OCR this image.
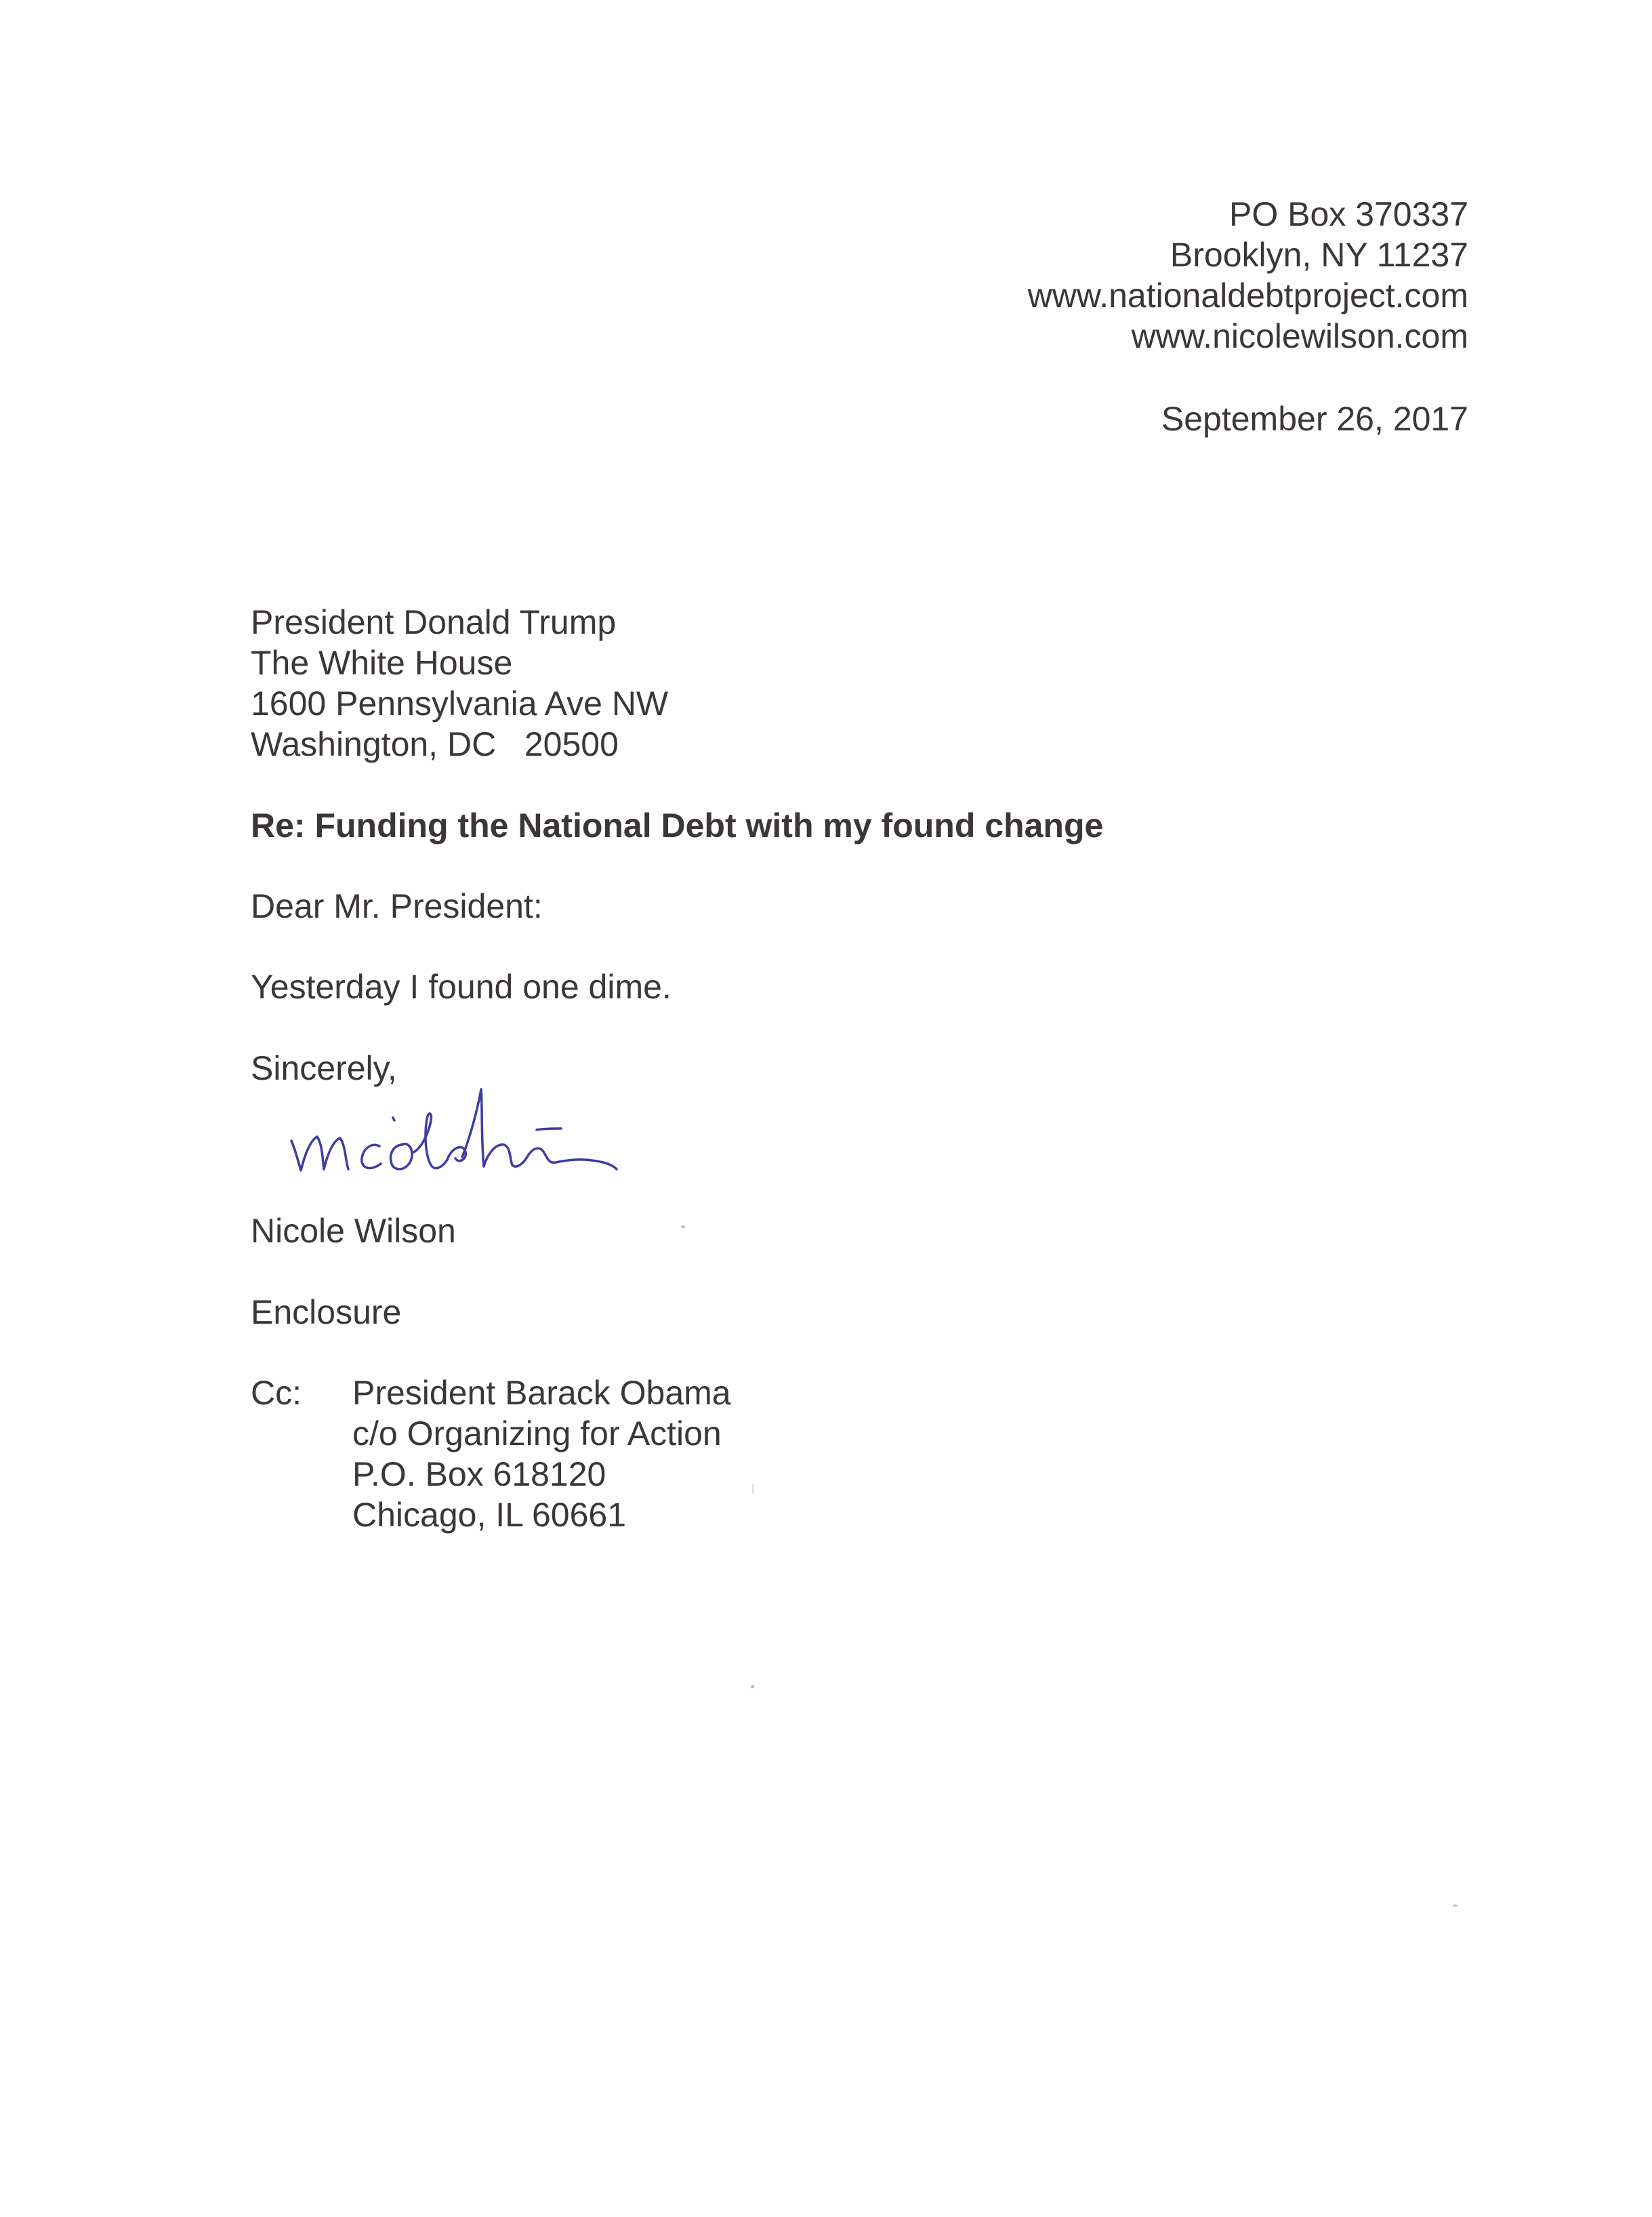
PO Box 370337
Brooklyn, NY 11237
www.nationaldebtproject.com
www.nicolewilson.com
September 26, 2017
President Donald Trump
The White House
1600 Pennsylvania Ave NW
Washington, DC   20500
Re: Funding the National Debt with my found change
Dear Mr. President:
Yesterday I found one dime.
Sincerely,
Nicole Wilson
Enclosure
Cc: President Barack Obama
c/o Organizing for Action
P.O. Box 618120
Chicago, IL 60661
